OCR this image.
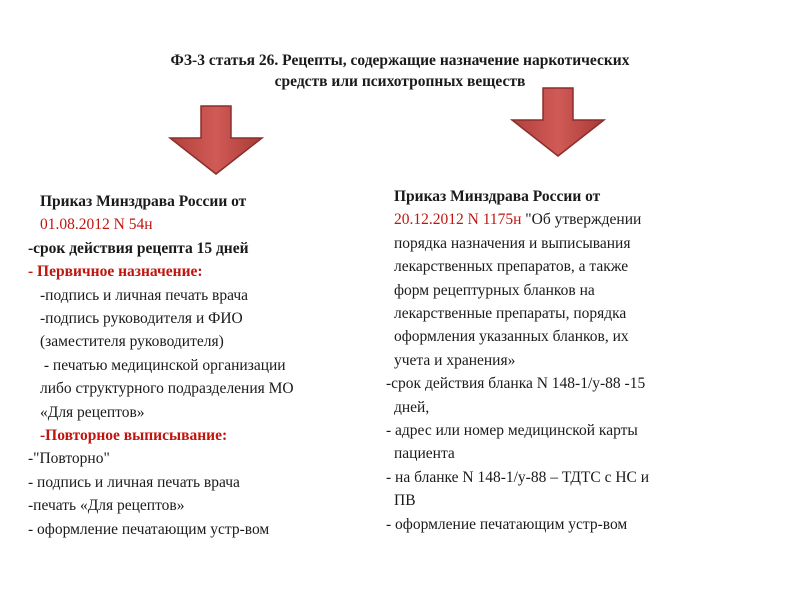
ФЗ-3 статья 26. Рецепты, содержащие назначение наркотических
средств или психотропных веществ
Приказ Минздрава России от
01.08.2012 N 54н
-срок действия рецепта 15 дней
- Первичное назначение:
-подпись и личная печать врача
-подпись руководителя и ФИО
(заместителя руководителя)
- печатью медицинской организации
либо структурного подразделения МО
«Для рецептов»
-Повторное выписывание:
-"Повторно"
- подпись и личная печать врача
-печать «Для рецептов»
- оформление печатающим устр-вом
Приказ Минздрава России от
20.12.2012 N 1175н "Об утверждении
порядка назначения и выписывания
лекарственных препаратов, а также
форм рецептурных бланков на
лекарственные препараты, порядка
оформления указанных бланков, их
учета и хранения»
-срок действия бланка N 148-1/у-88 -15
дней,
- адрес или номер медицинской карты
пациента
- на бланке N 148-1/у-88 – ТДТС с НС и
ПВ
- оформление печатающим устр-вом
